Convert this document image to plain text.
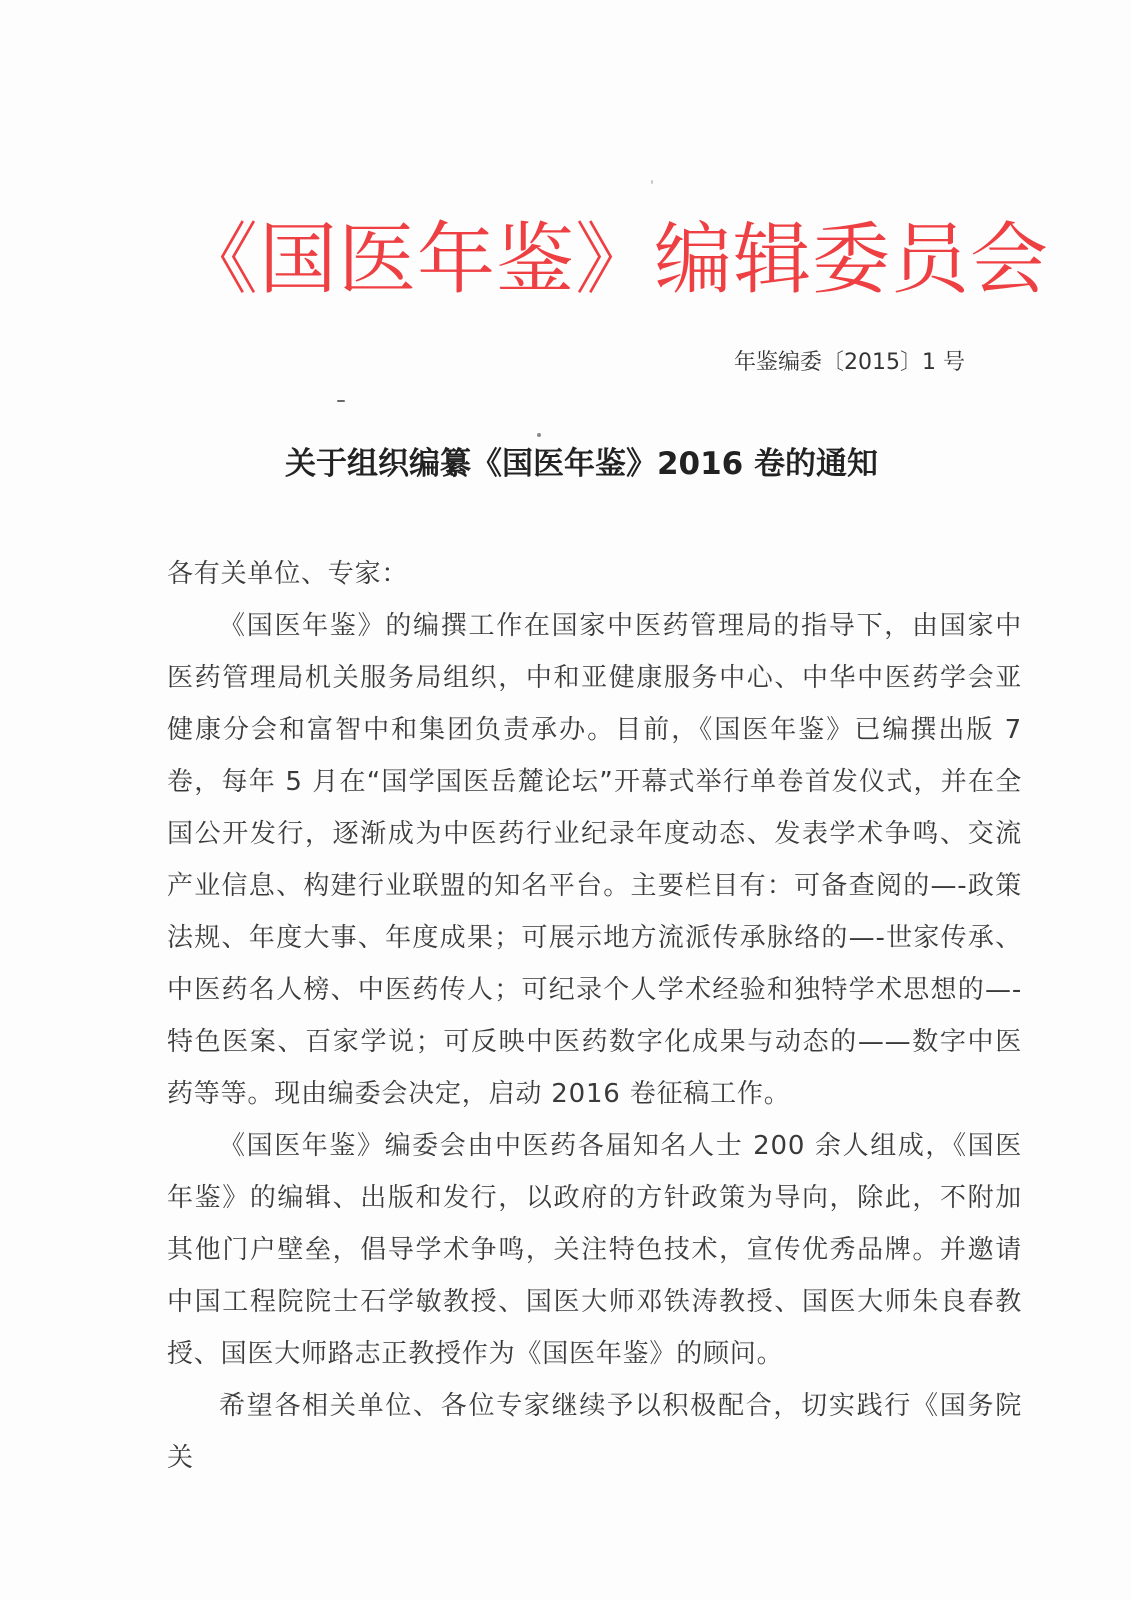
《国医年鉴》编辑委员会
年鉴编委〔2015〕1 号
关于组织编纂《国医年鉴》2016 卷的通知

各有关单位、专家：

《国医年鉴》的编撰工作在国家中医药管理局的指导下，由国家中医药管理局机关服务局组织，中和亚健康服务中心、中华中医药学会亚健康分会和富智中和集团负责承办。目前，《国医年鉴》已编撰出版 7 卷，每年 5 月在“国学国医岳麓论坛”开幕式举行单卷首发仪式，并在全国公开发行，逐渐成为中医药行业纪录年度动态、发表学术争鸣、交流产业信息、构建行业联盟的知名平台。主要栏目有：可备查阅的—-政策法规、年度大事、年度成果；可展示地方流派传承脉络的—-世家传承、中医药名人榜、中医药传人；可纪录个人学术经验和独特学术思想的—-特色医案、百家学说；可反映中医药数字化成果与动态的——数字中医药等等。现由编委会决定，启动 2016 卷征稿工作。

《国医年鉴》编委会由中医药各届知名人士 200 余人组成，《国医年鉴》的编辑、出版和发行，以政府的方针政策为导向，除此，不附加其他门户壁垒，倡导学术争鸣，关注特色技术，宣传优秀品牌。并邀请中国工程院院士石学敏教授、国医大师邓铁涛教授、国医大师朱良春教授、国医大师路志正教授作为《国医年鉴》的顾问。

希望各相关单位、各位专家继续予以积极配合，切实践行《国务院关
